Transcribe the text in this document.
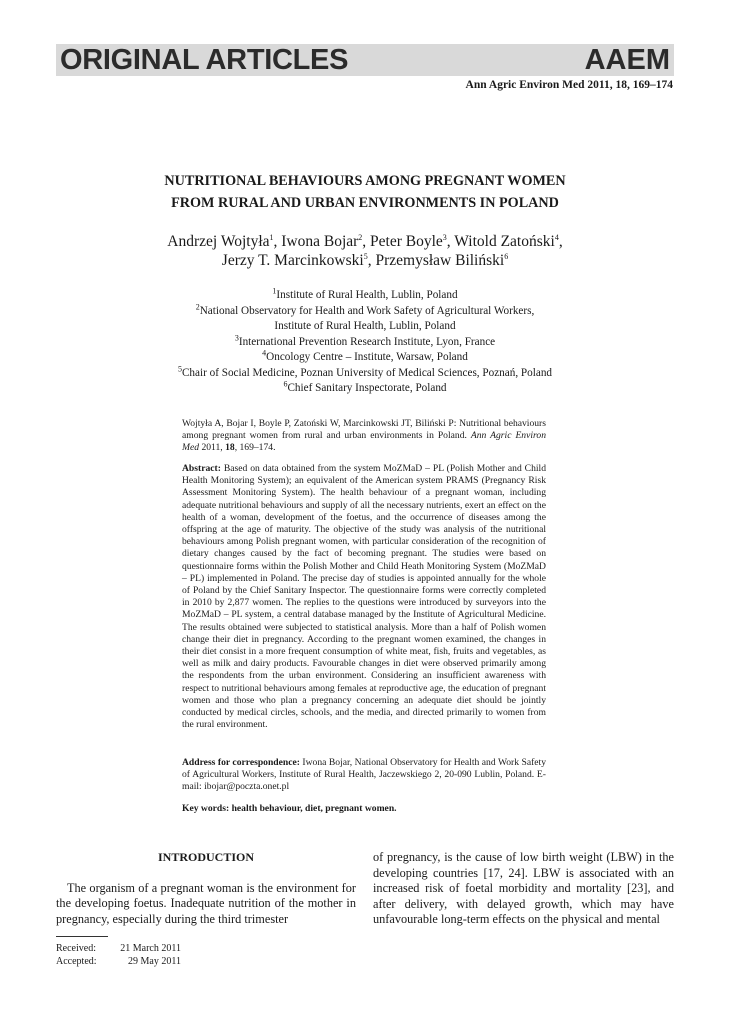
ORIGINAL ARTICLES	AAEM
Ann Agric Environ Med 2011, 18, 169–174
NUTRITIONAL BEHAVIOURS AMONG PREGNANT WOMEN
FROM RURAL AND URBAN ENVIRONMENTS IN POLAND
Andrzej Wojtyła$^1$, Iwona Bojar$^2$, Peter Boyle$^3$, Witold Zatoński$^4$,
Jerzy T. Marcinkowski$^5$, Przemysław Biliński$^6$
$^1$Institute of Rural Health, Lublin, Poland
$^2$National Observatory for Health and Work Safety of Agricultural Workers,
Institute of Rural Health, Lublin, Poland
$^3$International Prevention Research Institute, Lyon, France
$^4$Oncology Centre – Institute, Warsaw, Poland
$^5$Chair of Social Medicine, Poznan University of Medical Sciences, Poznań, Poland
$^6$Chief Sanitary Inspectorate, Poland
Wojtyła A, Bojar I, Boyle P, Zatoński W, Marcinkowski JT, Biliński P: Nutritional behaviours among pregnant women from rural and urban environments in Poland. Ann Agric Environ Med 2011, 18, 169–174.
Abstract: Based on data obtained from the system MoZMaD – PL (Polish Mother and Child Health Monitoring System); an equivalent of the American system PRAMS (Pregnancy Risk Assessment Monitoring System). The health behaviour of a pregnant woman, including adequate nutritional behaviours and supply of all the necessary nutrients, exert an effect on the health of a woman, development of the foetus, and the occurrence of diseases among the offspring at the age of maturity. The objective of the study was analysis of the nutritional behaviours among Polish pregnant women, with particular consideration of the recognition of dietary changes caused by the fact of becoming pregnant. The studies were based on questionnaire forms within the Polish Mother and Child Heath Monitoring System (MoZMaD – PL) implemented in Poland. The precise day of studies is appointed annually for the whole of Poland by the Chief Sanitary Inspector. The questionnaire forms were correctly completed in 2010 by 2,877 women. The replies to the questions were introduced by surveyors into the MoZMaD – PL system, a central database managed by the Institute of Agricultural Medicine. The results obtained were subjected to statistical analysis. More than a half of Polish women change their diet in pregnancy. According to the pregnant women examined, the changes in their diet consist in a more frequent consumption of white meat, fish, fruits and vegetables, as well as milk and dairy products. Favourable changes in diet were observed primarily among the respondents from the urban environment. Considering an insufficient awareness with respect to nutritional behaviours among females at reproductive age, the education of pregnant women and those who plan a pregnancy concerning an adequate diet should be jointly conducted by medical circles, schools, and the media, and directed primarily to women from the rural environment.
Address for correspondence: Iwona Bojar, National Observatory for Health and Work Safety of Agricultural Workers, Institute of Rural Health, Jaczewskiego 2, 20-090 Lublin, Poland. E-mail: ibojar@poczta.onet.pl
Key words: health behaviour, diet, pregnant women.
INTRODUCTION
The organism of a pregnant woman is the environment for the developing foetus. Inadequate nutrition of the mother in pregnancy, especially during the third trimester
of pregnancy, is the cause of low birth weight (LBW) in the developing countries [17, 24]. LBW is associated with an increased risk of foetal morbidity and mortality [23], and after delivery, with delayed growth, which may have unfavourable long-term effects on the physical and mental
Received: 21 March 2011
Accepted:	29 May 2011
